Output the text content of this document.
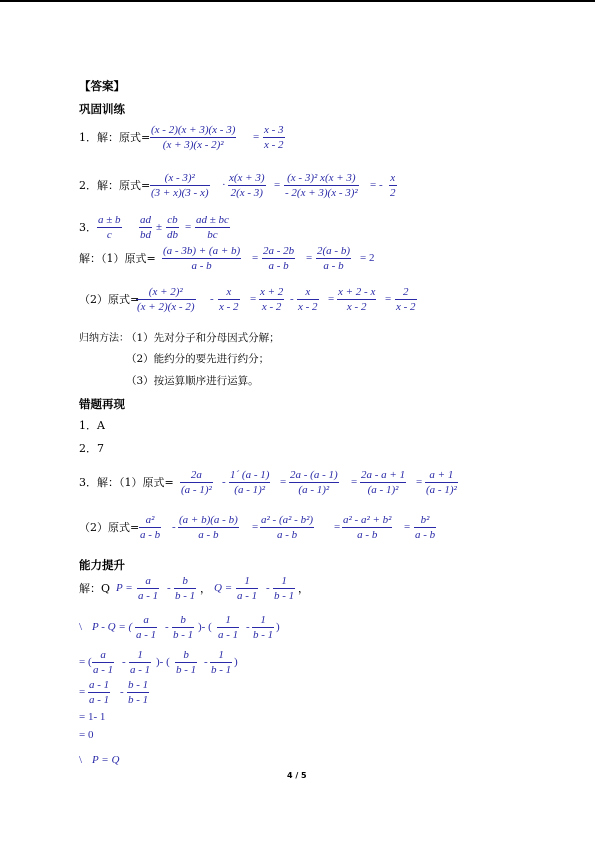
【答案】
巩固训练
1．解：原式=
(x - 2)(x + 3)(x - 3)
(x + 3)(x - 2)²
=
x - 3
x - 2
2．解：原式=
(x - 3)²
(3 + x)(3 - x)
·
x(x + 3)
2(x - 3)
=
(x - 3)² x(x + 3)
- 2(x + 3)(x - 3)²
= -
x
2
3．
a ± b
c
ad
bd
±
cb
db
=
ad ± bc
bc
解：（1）原式=
(a - 3b) + (a + b)
a - b
=
2a - 2b
a - b
=
2(a - b)
a - b
= 2
（2）原式=
(x + 2)²
(x + 2)(x - 2)
-
x
x - 2
=
x + 2
x - 2
-
x
x - 2
=
x + 2 - x
x - 2
=
2
x - 2
归纳方法：
（1）先对分子和分母因式分解；
（2）能约分的要先进行约分；
（3）按运算顺序进行运算。
错题再现
1．A
2．7
3．解：（1）原式=
2a
(a - 1)²
-
1´ (a - 1)
(a - 1)²
=
2a - (a - 1)
(a - 1)²
=
2a - a + 1
(a - 1)²
=
a + 1
(a - 1)²
（2）原式=
a²
a - b
-
(a + b)(a - b)
a - b
=
a² - (a² - b²)
a - b
=
a² - a² + b²
a - b
=
b²
a - b
能力提升
解：Q P =
a
a - 1
-
b
b - 1
， Q =
1
a - 1
-
1
b - 1
，
\ P - Q = (
a
a - 1
-
b
b - 1
)- (
1
a - 1
-
1
b - 1
)
= (
a
a - 1
-
1
a - 1
)- (
b
b - 1
-
1
b - 1
)
=
a - 1
a - 1
-
b - 1
b - 1
= 1- 1
= 0
\ P = Q
4 / 5
